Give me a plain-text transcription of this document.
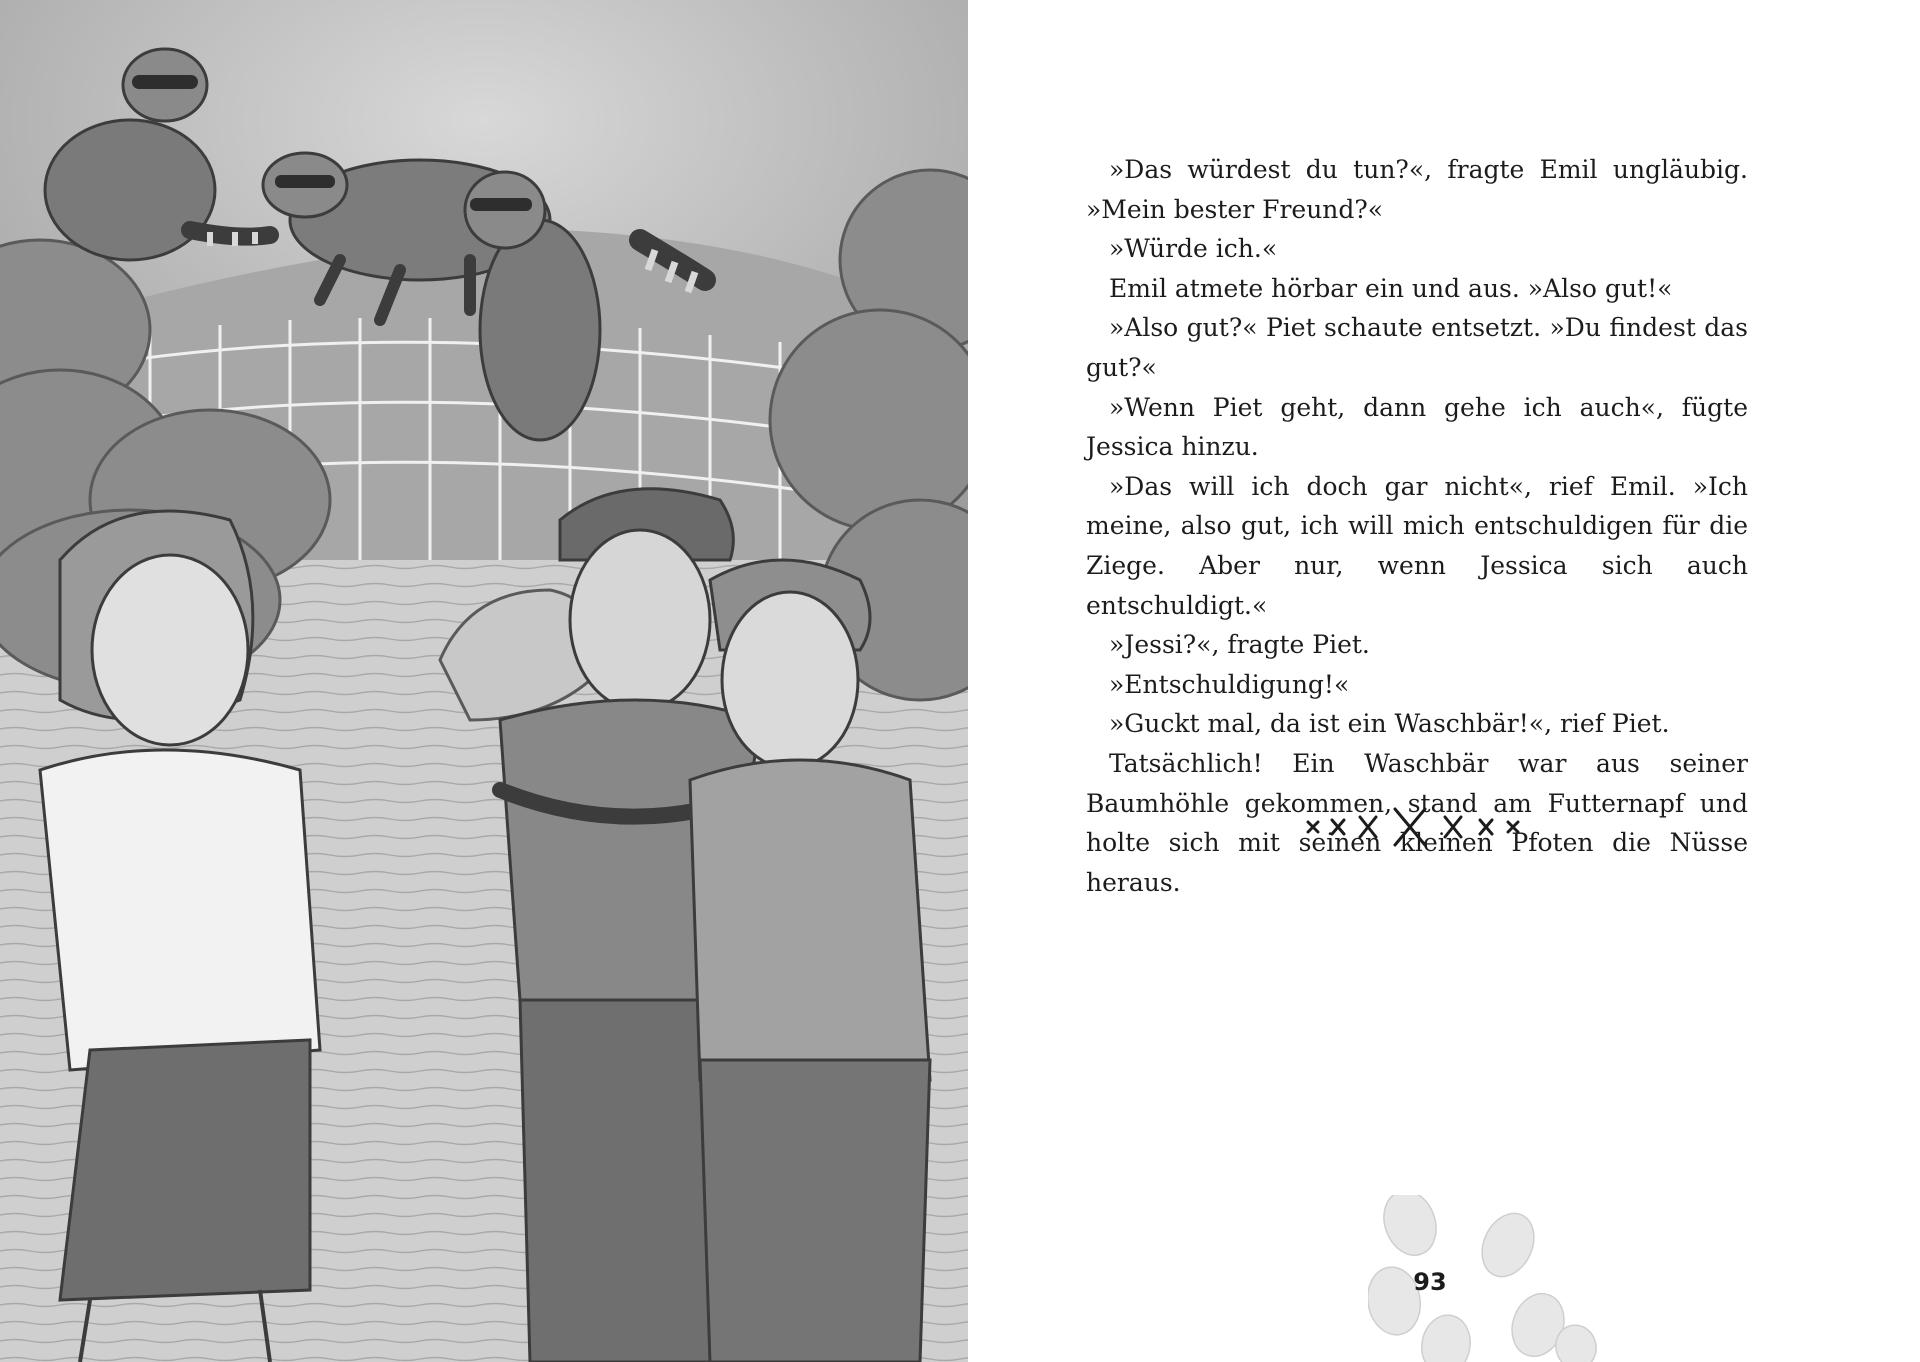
»Das würdest du tun?«, fragte Emil ungläubig. »Mein bester Freund?«

»Würde ich.«

Emil atmete hörbar ein und aus. »Also gut!«

»Also gut?« Piet schaute entsetzt. »Du findest das gut?«

»Wenn Piet geht, dann gehe ich auch«, fügte Jessica hinzu.

»Das will ich doch gar nicht«, rief Emil. »Ich meine, also gut, ich will mich entschuldigen für die Ziege. Aber nur, wenn Jessica sich auch entschuldigt.«

»Jessi?«, fragte Piet.

»Entschuldigung!«

»Guckt mal, da ist ein Waschbär!«, rief Piet.

Tatsächlich! Ein Waschbär war aus seiner Baumhöhle gekommen, stand am Futternapf und holte sich mit seinen kleinen Pfoten die Nüsse heraus.

93
